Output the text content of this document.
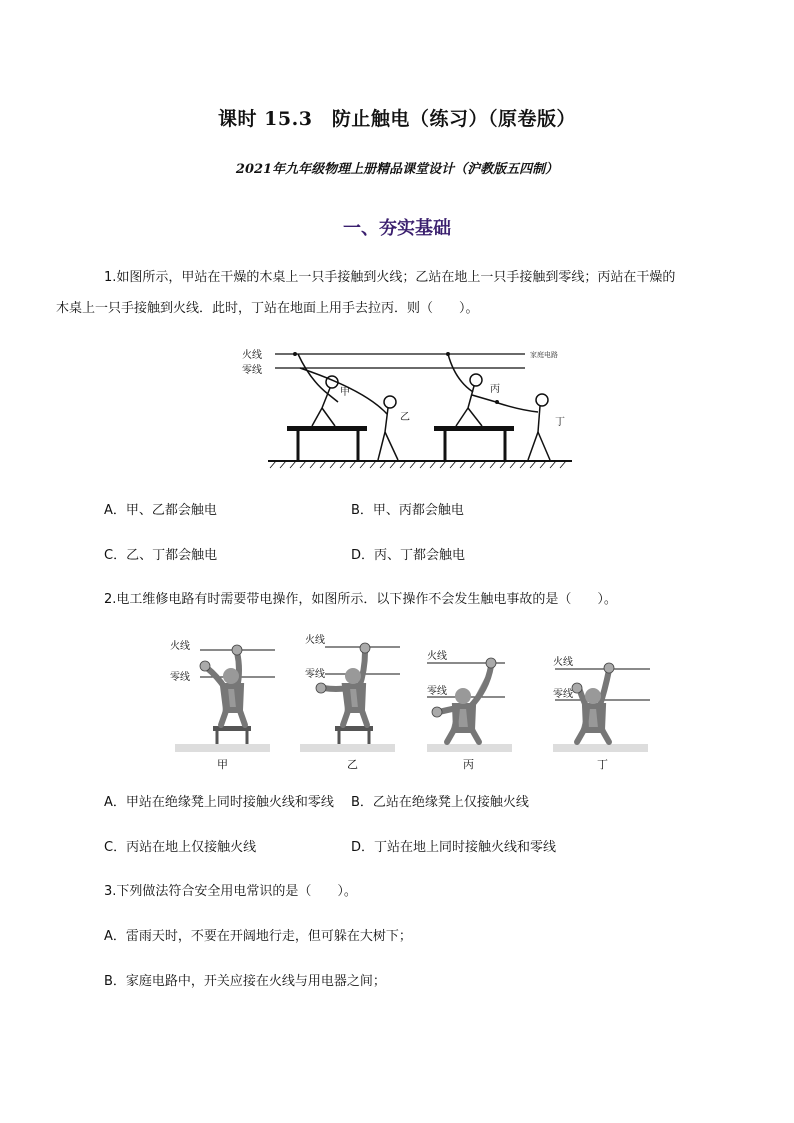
课时 15.3　防止触电（练习）（原卷版）
2021年九年级物理上册精品课堂设计（沪教版五四制）
一、夯实基础
1.如图所示，甲站在干燥的木桌上一只手接触到火线；乙站在地上一只手接触到零线；丙站在干燥的
木桌上一只手接触到火线．此时，丁站在地面上用手去拉丙．则（　　）。
火线
零线
家庭电路
甲
乙
丙
丁
A．甲、乙都会触电	B．甲、丙都会触电
C．乙、丁都会触电	D．丙、丁都会触电
2.电工维修电路有时需要带电操作，如图所示．以下操作不会发生触电事故的是（　　）。
火线
零线
甲
火线
零线
乙
火线
零线
丙
火线
零线
丁
A．甲站在绝缘凳上同时接触火线和零线 B．乙站在绝缘凳上仅接触火线
C．丙站在地上仅接触火线	D．丁站在地上同时接触火线和零线
3.下列做法符合安全用电常识的是（　　）。
A．雷雨天时，不要在开阔地行走，但可躲在大树下；
B．家庭电路中，开关应接在火线与用电器之间；
